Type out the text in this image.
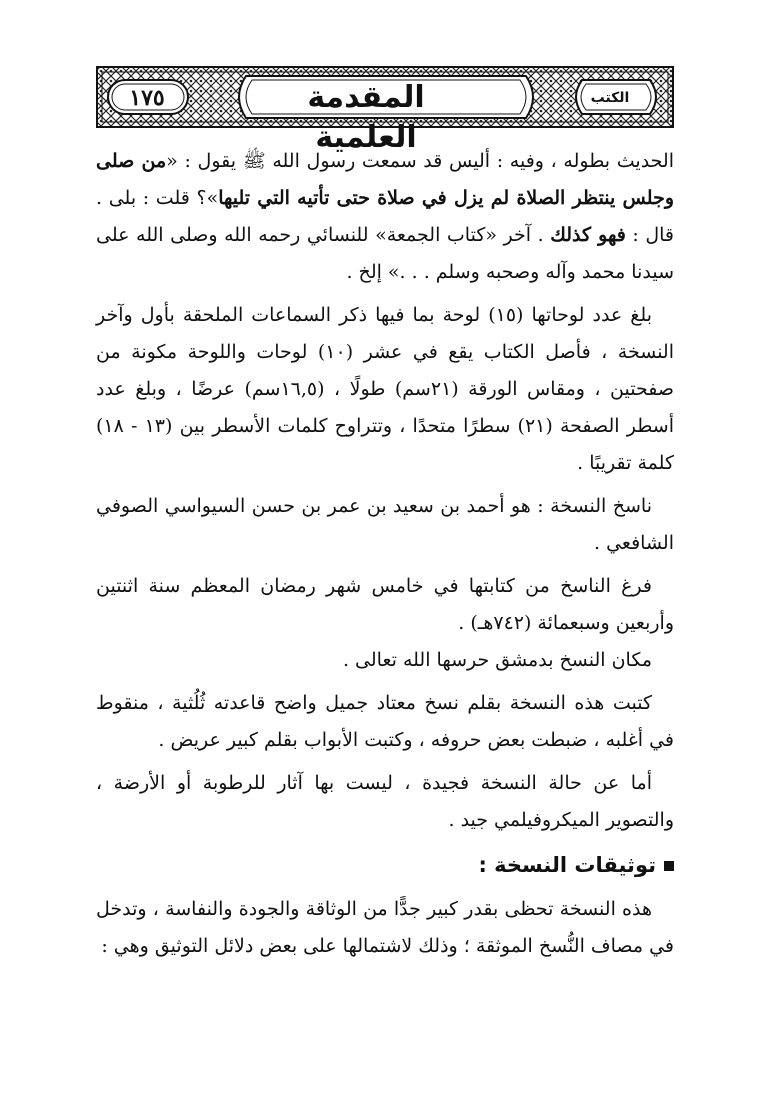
١٧٥	المقدمة العلمية
الكتب

الحديث بطوله ، وفيه : أليس قد سمعت رسول الله ﷺ يقول : «من صلى وجلس ينتظر الصلاة لم يزل في صلاة حتى تأتيه التي تليها»؟ قلت : بلى . قال : فهو كذلك . آخر «كتاب الجمعة» للنسائي رحمه الله وصلى الله على سيدنا محمد وآله وصحبه وسلم . . .» إلخ .

بلغ عدد لوحاتها (١٥) لوحة بما فيها ذكر السماعات الملحقة بأول وآخر النسخة ، فأصل الكتاب يقع في عشر (١٠) لوحات واللوحة مكونة من صفحتين ، ومقاس الورقة (٢١سم) طولًا ، (١٦,٥سم) عرضًا ، وبلغ عدد أسطر الصفحة (٢١) سطرًا متحدًا ، وتتراوح كلمات الأسطر بين (١٣ - ١٨) كلمة تقريبًا .

ناسخ النسخة : هو أحمد بن سعيد بن عمر بن حسن السيواسي الصوفي الشافعي .

فرغ الناسخ من كتابتها في خامس شهر رمضان المعظم سنة اثنتين وأربعين وسبعمائة (٧٤٢هـ) .

مكان النسخ بدمشق حرسها الله تعالى .

كتبت هذه النسخة بقلم نسخ معتاد جميل واضح قاعدته ثُلُثية ، منقوط في أغلبه ، ضبطت بعض حروفه ، وكتبت الأبواب بقلم كبير عريض .

أما عن حالة النسخة فجيدة ، ليست بها آثار للرطوبة أو الأرضة ، والتصوير الميكروفيلمي جيد .

توثيقات النسخة :

هذه النسخة تحظى بقدر كبير جدًّا من الوثاقة والجودة والنفاسة ، وتدخل في مصاف النُّسخ الموثقة ؛ وذلك لاشتمالها على بعض دلائل التوثيق وهي :
